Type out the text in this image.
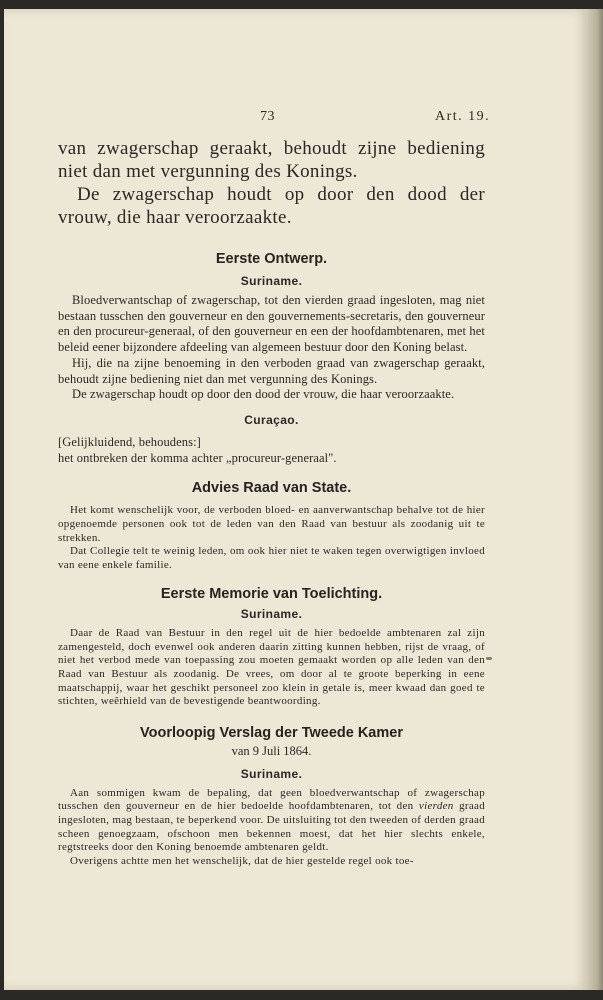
73	Art. 19.

van zwagerschap geraakt, behoudt zijne bediening

niet dan met vergunning des Konings.

De zwagerschap houdt op door den dood der

vrouw, die haar veroorzaakte.

Eerste Ontwerp.
Suriname.

Bloedverwantschap of zwagerschap, tot den vierden graad ingesloten, mag niet bestaan tusschen den gouverneur en den gouvernements-secretaris, den gouverneur en den procureur-generaal, of den gouverneur en een der hoofdambtenaren, met het beleid eener bijzondere afdeeling van algemeen bestuur door den Koning belast.

Hij, die na zijne benoeming in den verboden graad van zwagerschap geraakt, behoudt zijne bediening niet dan met vergunning des Konings.

De zwagerschap houdt op door den dood der vrouw, die haar veroorzaakte.

Curaçao.

[Gelijkluidend, behoudens:]

het ontbreken der komma achter „procureur-generaal".

Advies Raad van State.

Het komt wenschelijk voor, de verboden bloed- en aanverwantschap behalve tot de hier opgenoemde personen ook tot de leden van den Raad van bestuur als zoodanig uit te strekken.

Dat Collegie telt te weinig leden, om ook hier niet te waken tegen overwigtigen invloed van eene enkele familie.

Eerste Memorie van Toelichting.
Suriname.

Daar de Raad van Bestuur in den regel uit de hier bedoelde ambtenaren zal zijn zamengesteld, doch evenwel ook anderen daarin zitting kunnen hebben, rijst de vraag, of niet het verbod mede van toepassing zou moeten gemaakt worden op alle leden van den Raad van Bestuur als zoodanig. De vrees, om door al te groote beperking in eene maatschappij, waar het geschikt personeel zoo klein in getale is, meer kwaad dan goed te stichten, weêrhield van de bevestigende beantwoording.

Voorloopig Verslag der Tweede Kamer

van 9 Juli 1864.

Suriname.

Aan sommigen kwam de bepaling, dat geen bloedverwantschap of zwagerschap tusschen den gouverneur en de hier bedoelde hoofdambtenaren, tot den vierden graad ingesloten, mag bestaan, te beperkend voor. De uitsluiting tot den tweeden of derden graad scheen genoegzaam, ofschoon men bekennen moest, dat het hier slechts enkele, regtstreeks door den Koning benoemde ambtenaren geldt.

Overigens achtte men het wenschelijk, dat de hier gestelde regel ook toe-
